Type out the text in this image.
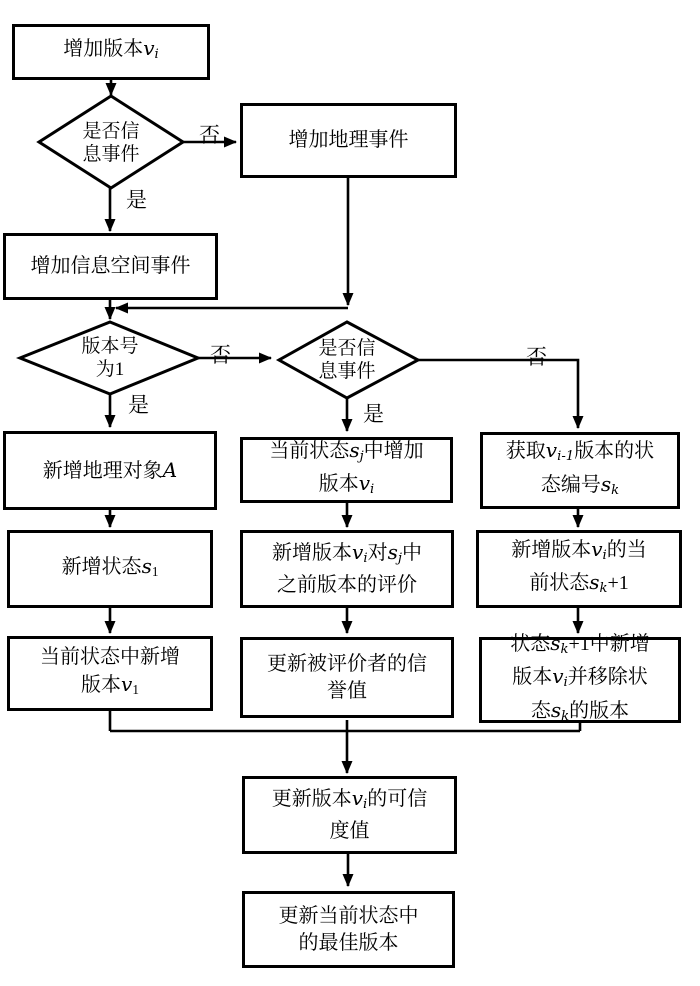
增加版本vi
增加地理事件
增加信息空间事件
新增地理对象A
新增状态s1
当前状态中新增
版本v1
当前状态sj中增加
版本vi
新增版本vi对sj中
之前版本的评价
更新被评价者的信
誉值
获取vi-1版本的状
态编号sk
新增版本vi的当
前状态sk+1
状态sk+1中新增
版本vi并移除状
态sk的版本
更新版本vi的可信
度值
更新当前状态中
的最佳版本
是否信
息事件
版本号
为1
是否信
息事件
否
是
否
是
否
是
